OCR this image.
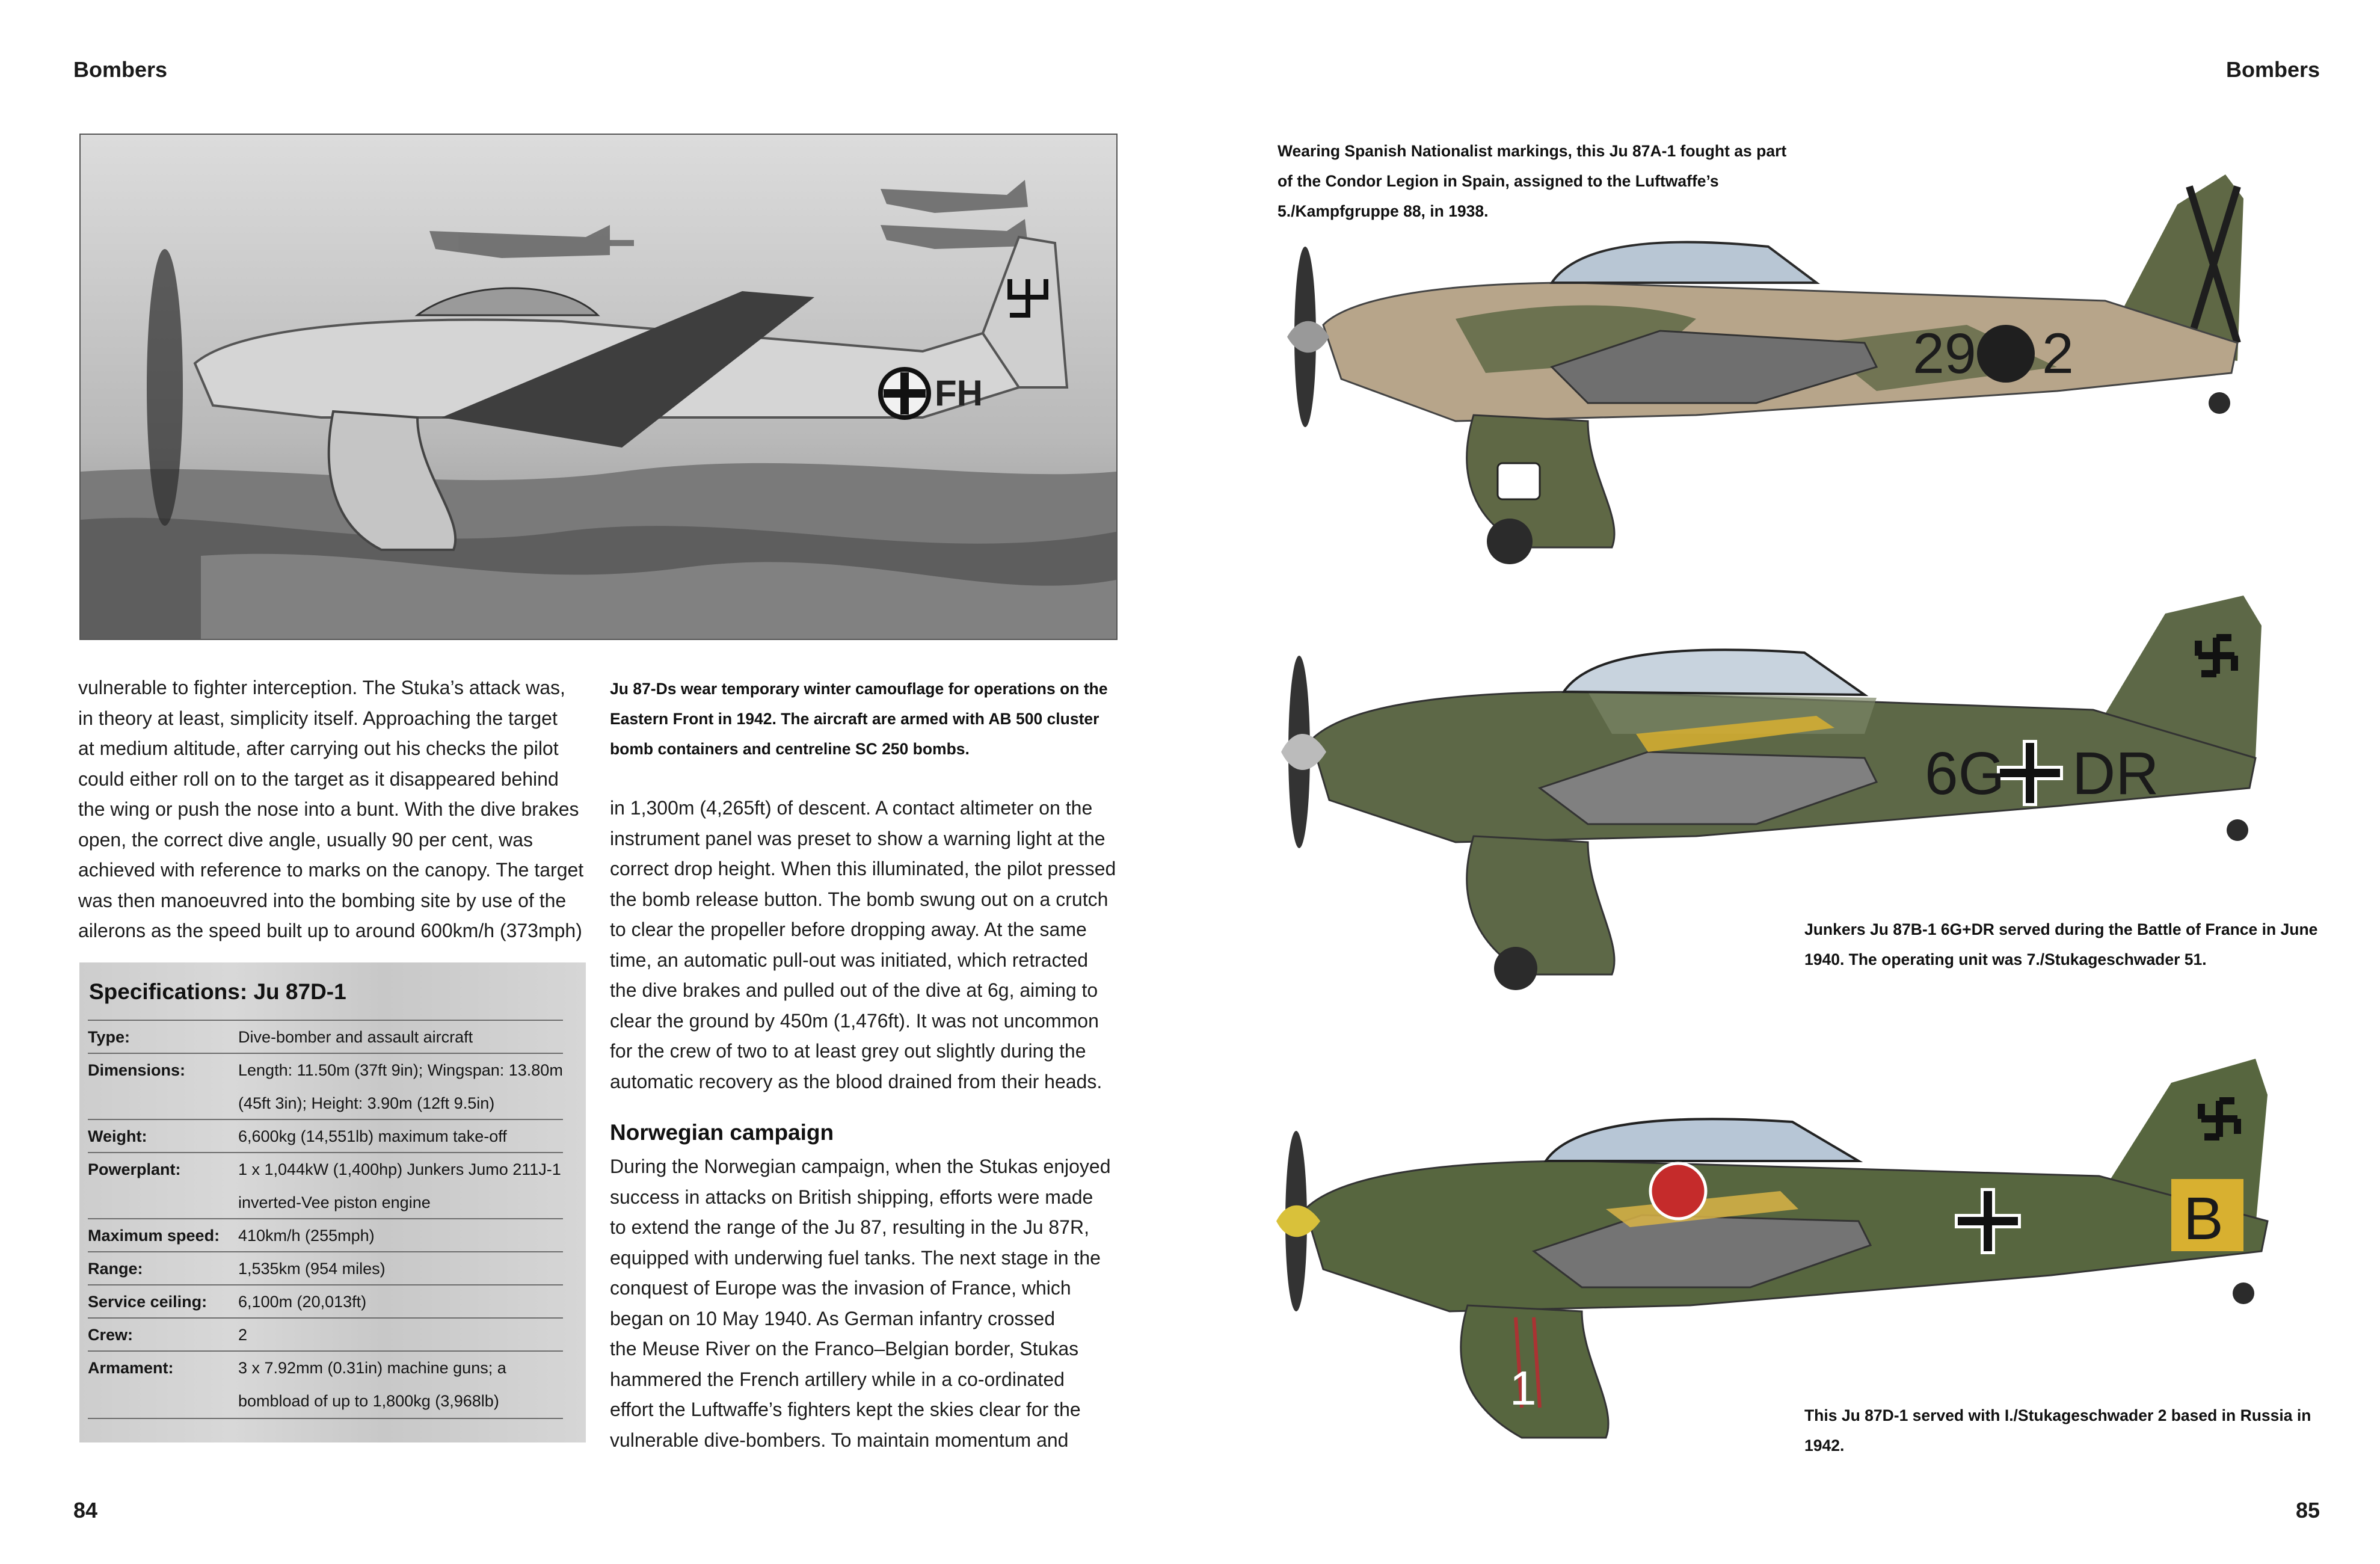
Bombers	Bombers
FH
Ju 87-Ds wear temporary winter camouflage for operations on the Eastern Front in 1942. The aircraft are armed with AB 500 cluster bomb containers and centreline SC 250 bombs.
vulnerable to fighter interception. The Stuka’s attack was,
in theory at least, simplicity itself. Approaching the target
at medium altitude, after carrying out his checks the pilot
could either roll on to the target as it disappeared behind
the wing or push the nose into a bunt. With the dive brakes
open, the correct dive angle, usually 90 per cent, was
achieved with reference to marks on the canopy. The target
was then manoeuvred into the bombing site by use of the
ailerons as the speed built up to around 600km/h (373mph)
Specifications: Ju 87D-1
Type:	Dive-bomber and assault aircraft
Dimensions:	Length: 11.50m (37ft 9in); Wingspan: 13.80m (45ft 3in); Height: 3.90m (12ft 9.5in)
Weight:	6,600kg (14,551lb) maximum take-off
Powerplant:	1 x 1,044kW (1,400hp) Junkers Jumo 211J-1 inverted-Vee piston engine
Maximum speed:	410km/h (255mph)
Range:	1,535km (954 miles)
Service ceiling:	6,100m (20,013ft)
Crew:	2
Armament:	3 x 7.92mm (0.31in) machine guns; a bombload of up to 1,800kg (3,968lb)
in 1,300m (4,265ft) of descent. A contact altimeter on the
instrument panel was preset to show a warning light at the
correct drop height. When this illuminated, the pilot pressed
the bomb release button. The bomb swung out on a crutch
to clear the propeller before dropping away. At the same
time, an automatic pull-out was initiated, which retracted
the dive brakes and pulled out of the dive at 6g, aiming to
clear the ground by 450m (1,476ft). It was not uncommon
for the crew of two to at least grey out slightly during the
automatic recovery as the blood drained from their heads.
Norwegian campaign
During the Norwegian campaign, when the Stukas enjoyed
success in attacks on British shipping, efforts were made
to extend the range of the Ju 87, resulting in the Ju 87R,
equipped with underwing fuel tanks. The next stage in the
conquest of Europe was the invasion of France, which
began on 10 May 1940. As German infantry crossed
the Meuse River on the Franco–Belgian border, Stukas
hammered the French artillery while in a co-ordinated
effort the Luftwaffe’s fighters kept the skies clear for the
vulnerable dive-bombers. To maintain momentum and
84
29 2
Wearing Spanish Nationalist markings, this Ju 87A-1 fought as part of the Condor Legion in Spain, assigned to the Luftwaffe’s 5./Kampfgruppe 88, in 1938.
6G DR
Junkers Ju 87B-1 6G+DR served during the Battle of France in June 1940. The operating unit was 7./Stukageschwader 51.
B
1
This Ju 87D-1 served with I./Stukageschwader 2 based in Russia in 1942.
85
